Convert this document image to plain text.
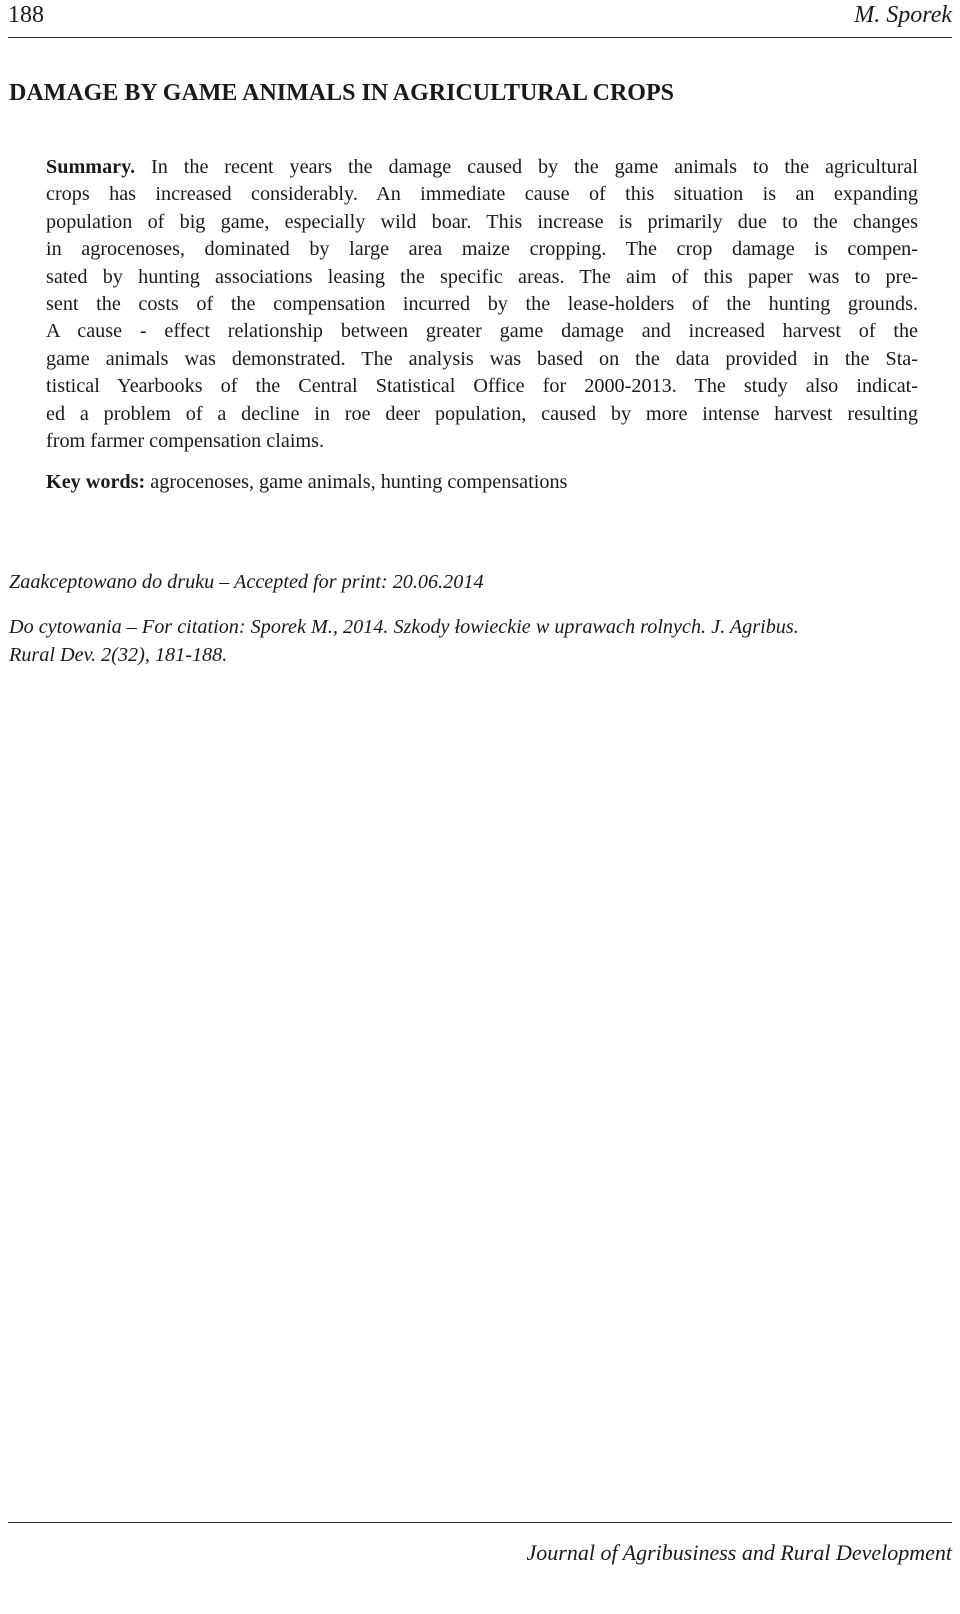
188	M. Sporek
DAMAGE BY GAME ANIMALS IN AGRICULTURAL CROPS
Summary. In the recent years the damage caused by the game animals to the agricultural
crops has increased considerably. An immediate cause of this situation is an expanding
population of big game, especially wild boar. This increase is primarily due to the changes
in agrocenoses, dominated by large area maize cropping. The crop damage is compen-
sated by hunting associations leasing the specific areas. The aim of this paper was to pre-
sent the costs of the compensation incurred by the lease-holders of the hunting grounds.
A cause - effect relationship between greater game damage and increased harvest of the
game animals was demonstrated. The analysis was based on the data provided in the Sta-
tistical Yearbooks of the Central Statistical Office for 2000-2013. The study also indicat-
ed a problem of a decline in roe deer population, caused by more intense harvest resulting
from farmer compensation claims.

Key words: agrocenoses, game animals, hunting compensations

Zaakceptowano do druku – Accepted for print: 20.06.2014

Do cytowania – For citation: Sporek M., 2014. Szkody łowieckie w uprawach rolnych. J. Agribus.
Rural Dev. 2(32), 181-188.

Journal of Agribusiness and Rural Development
